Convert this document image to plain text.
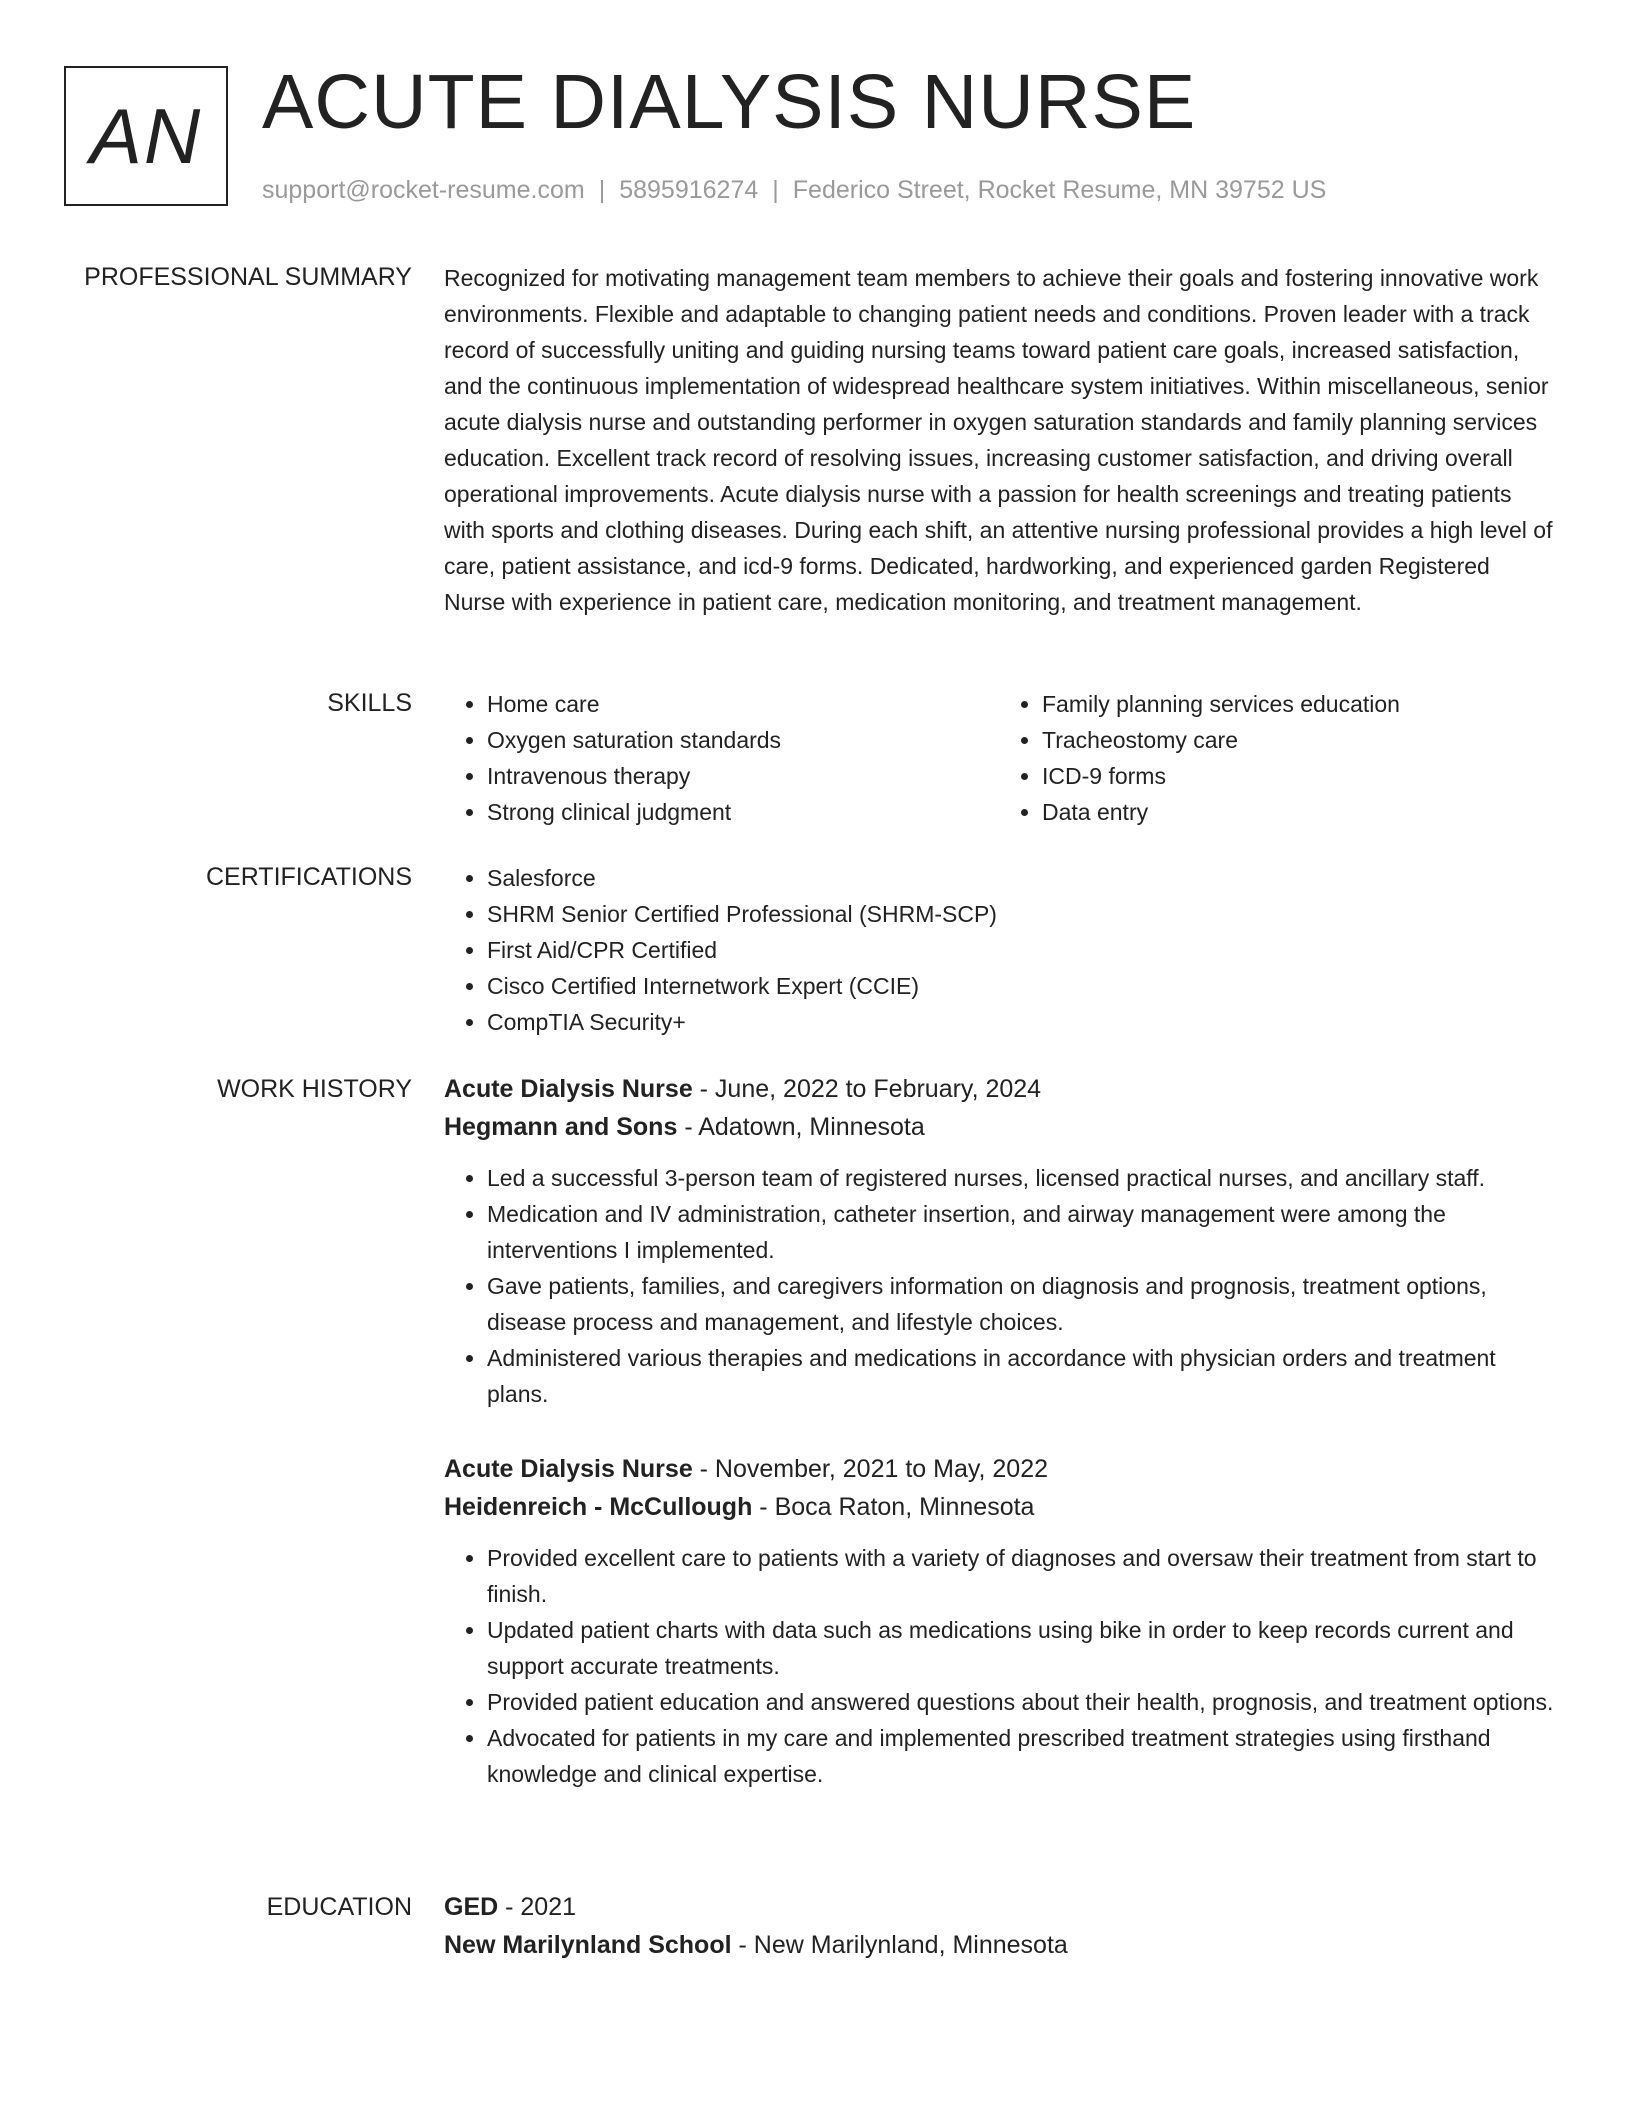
AN ACUTE DIALYSIS NURSE
support@rocket-resume.com | 5895916274 | Federico Street, Rocket Resume, MN 39752 US
PROFESSIONAL SUMMARY Recognized for motivating management team members to achieve their goals and fostering innovative work environments. Flexible and adaptable to changing patient needs and conditions. Proven leader with a track record of successfully uniting and guiding nursing teams toward patient care goals, increased satisfaction, and the continuous implementation of widespread healthcare system initiatives. Within miscellaneous, senior acute dialysis nurse and outstanding performer in oxygen saturation standards and family planning services education. Excellent track record of resolving issues, increasing customer satisfaction, and driving overall operational improvements. Acute dialysis nurse with a passion for health screenings and treating patients with sports and clothing diseases. During each shift, an attentive nursing professional provides a high level of care, patient assistance, and icd-9 forms. Dedicated, hardworking, and experienced garden Registered Nurse with experience in patient care, medication monitoring, and treatment management.

SKILLS	• Home care
• Oxygen saturation standards
• Intravenous therapy
• Strong clinical judgment
• Family planning services education
• Tracheostomy care
• ICD-9 forms
• Data entry
CERTIFICATIONS	• Salesforce
• SHRM Senior Certified Professional (SHRM-SCP)
• First Aid/CPR Certified
• Cisco Certified Internetwork Expert (CCIE)
• CompTIA Security+
WORK HISTORY Acute Dialysis Nurse - June, 2022 to February, 2024
Hegmann and Sons - Adatown, Minnesota
• Led a successful 3-person team of registered nurses, licensed practical nurses, and ancillary staff.
• Medication and IV administration, catheter insertion, and airway management were among the interventions I implemented.
• Gave patients, families, and caregivers information on diagnosis and prognosis, treatment options, disease process and management, and lifestyle choices.
• Administered various therapies and medications in accordance with physician orders and treatment plans.
Acute Dialysis Nurse - November, 2021 to May, 2022
Heidenreich - McCullough - Boca Raton, Minnesota
• Provided excellent care to patients with a variety of diagnoses and oversaw their treatment from start to finish.
• Updated patient charts with data such as medications using bike in order to keep records current and support accurate treatments.
• Provided patient education and answered questions about their health, prognosis, and treatment options.
• Advocated for patients in my care and implemented prescribed treatment strategies using firsthand knowledge and clinical expertise.
EDUCATION GED - 2021
New Marilynland School - New Marilynland, Minnesota
